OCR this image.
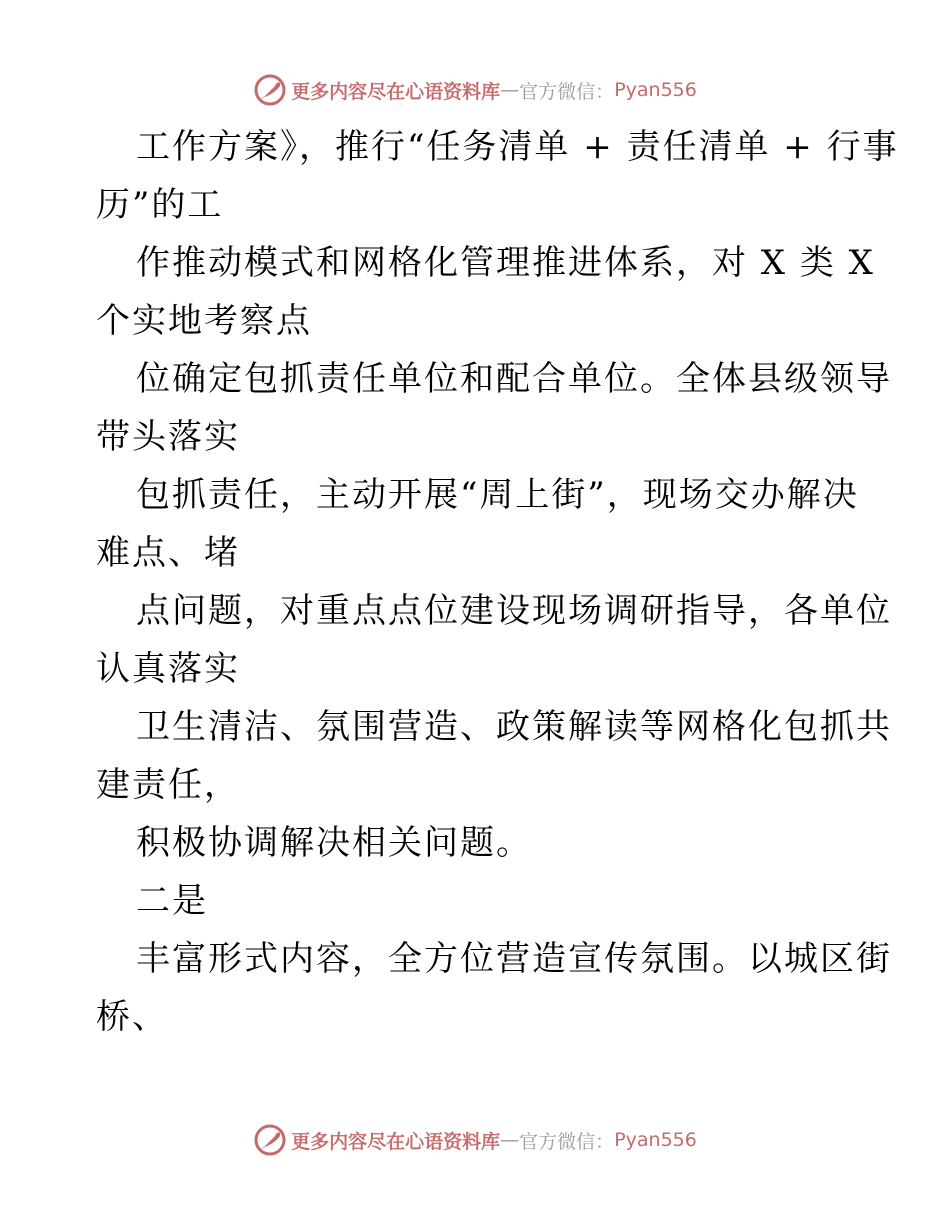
更多内容尽在心语资料库 — 官方微信： Pyan556
工作方案》，推行“任务清单 + 责任清单 + 行事
历”的工
作推动模式和网格化管理推进体系，对 X 类 X
个实地考察点
位确定包抓责任单位和配合单位。全体县级领导
带头落实
包抓责任，主动开展“周上街”，现场交办解决
难点、堵
点问题，对重点点位建设现场调研指导，各单位
认真落实
卫生清洁、氛围营造、政策解读等网格化包抓共
建责任，
积极协调解决相关问题。
二是
丰富形式内容，全方位营造宣传氛围。以城区街
桥、
更多内容尽在心语资料库 — 官方微信： Pyan556
